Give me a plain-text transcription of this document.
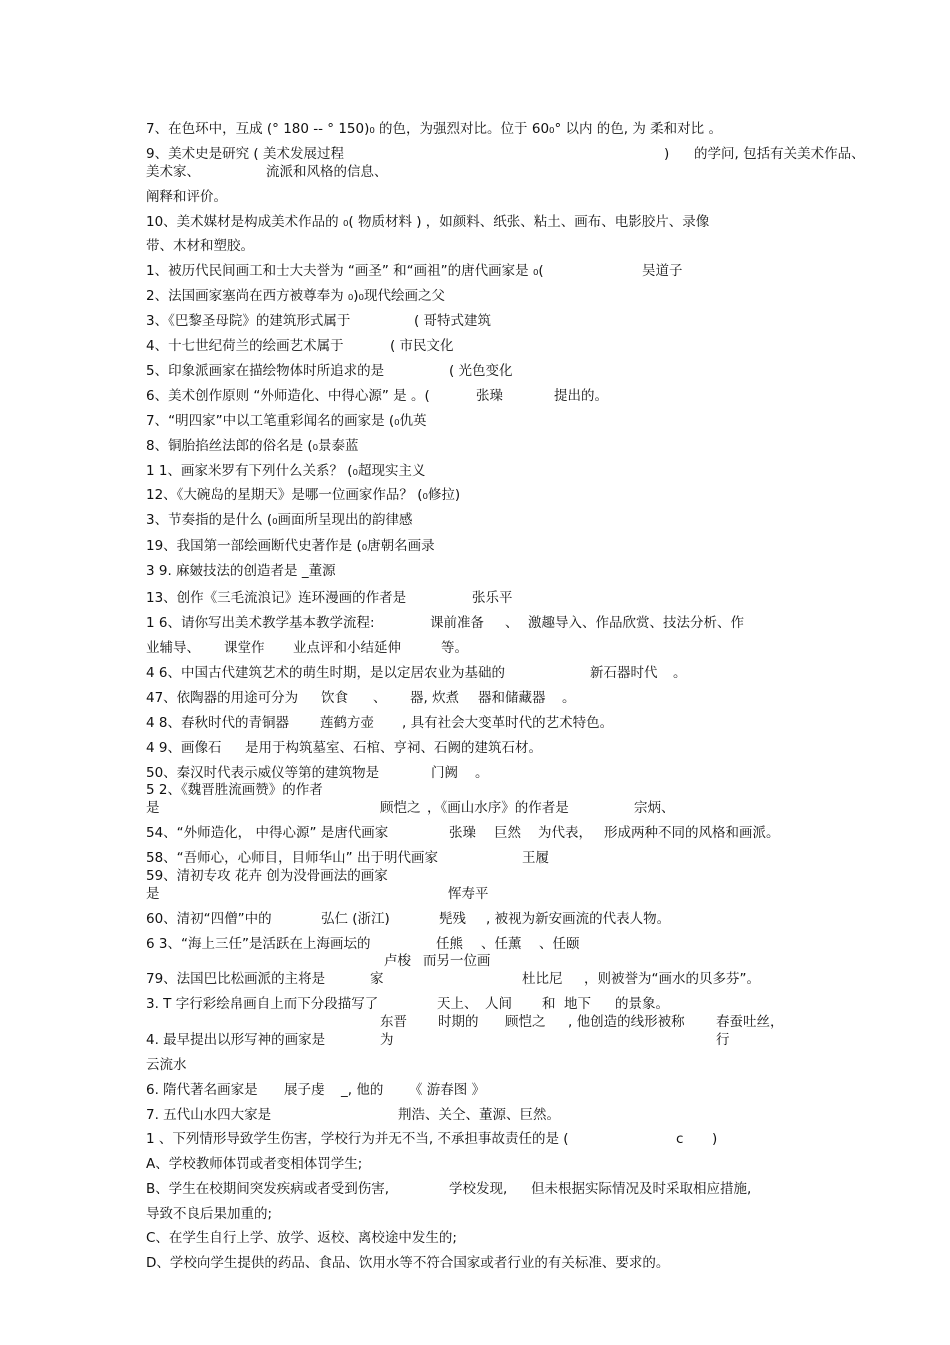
7、在色环中，互成 (° 180 -- ° 150)₀ 的色，为强烈对比。位于 60₀° 以内 的色, 为 柔和对比 。
9、美术史是研究 ( 美术发展过程	) 的学问, 包括有关美术作品、
美术家、	流派和风格的信息、
阐释和评价。
10、美术媒材是构成美术作品的 ₀( 物质材料 ) ，如颜料、纸张、粘土、画布、电影胶片、录像
带、木材和塑胶。
1、被历代民间画工和士大夫誉为 “画圣” 和“画祖”的唐代画家是 ₀(	吴道子
2、法国画家塞尚在西方被尊奉为 ₀)₀现代绘画之父
3、《巴黎圣母院》的建筑形式属于	( 哥特式建筑
4、十七世纪荷兰的绘画艺术属于	( 市民文化
5、印象派画家在描绘物体时所追求的是	( 光色变化
6、美术创作原则 “外师造化、中得心源” 是 。(	张璪	提出的。
7、“明四家”中以工笔重彩闻名的画家是 (₀仇英
8、铜胎掐丝法郎的俗名是 (₀景泰蓝
1 1、画家米罗有下列什么关系？ (₀超现实主义
12、《大碗岛的星期天》是哪一位画家作品？ (₀修拉)
3、节奏指的是什么 (₀画面所呈现出的韵律感
19、我国第一部绘画断代史著作是 (₀唐朝名画录
3 9. 麻皴技法的创造者是 _董源
13、创作《三毛流浪记》连环漫画的作者是	张乐平
1 6、请你写出美术教学基本教学流程:	课前准备 、 激趣导入、作品欣赏、技法分析、作
业辅导、 课堂作 业点评和小结延伸	等。
4 6、中国古代建筑艺术的萌生时期，是以定居农业为基础的	新石器时代 。
47、依陶器的用途可分为 饮食 、 器, 炊煮 器和储藏器 。
4 8、春秋时代的青铜器 莲鹤方壶 , 具有社会大变革时代的艺术特色。
4 9、画像石 是用于构筑墓室、石棺、亨祠、石阙的建筑石材。
50、秦汉时代表示威仪等第的建筑物是	门阙 。
5 2、《魏晋胜流画赞》的作者
是	顾恺之 ，《画山水序》的作者是	宗炳、
54、“外师造化， 中得心源” 是唐代画家	张璪 巨然 为代表， 形成两种不同的风格和画派。
58、“吾师心，心师目，目师华山” 出于明代画家	王履
59、清初专攻 花卉 创为没骨画法的画家
是	恽寿平
60、清初“四僧”中的	弘仁 (浙江)	髡残 , 被视为新安画流的代表人物。
6 3、“海上三任”是活跃在上海画坛的	任熊 、任薰 、任颐
卢梭 而另一位画
79、法国巴比松画派的主将是	家	杜比尼 ，则被誉为“画水的贝多芬”。
3. T 字行彩绘帛画自上而下分段描写了	天上、 人间 和 地下 的景象。
东晋 时期的 顾恺之 , 他创造的线形被称 春蚕吐丝，
4. 最早提出以形写神的画家是	为	行
云流水
6. 隋代著名画家是 展子虔 _, 他的 《 游春图 》
7. 五代山水四大家是	荆浩、关仝、董源、巨然。
1 、下列情形导致学生伤害，学校行为并无不当, 不承担事故责任的是 (	c )
A、学校教师体罚或者变相体罚学生;
B、学生在校期间突发疾病或者受到伤害,	学校发现, 但未根据实际情况及时采取相应措施,
导致不良后果加重的;
C、在学生自行上学、放学、返校、离校途中发生的;
D、学校向学生提供的药品、食品、饮用水等不符合国家或者行业的有关标准、要求的。
